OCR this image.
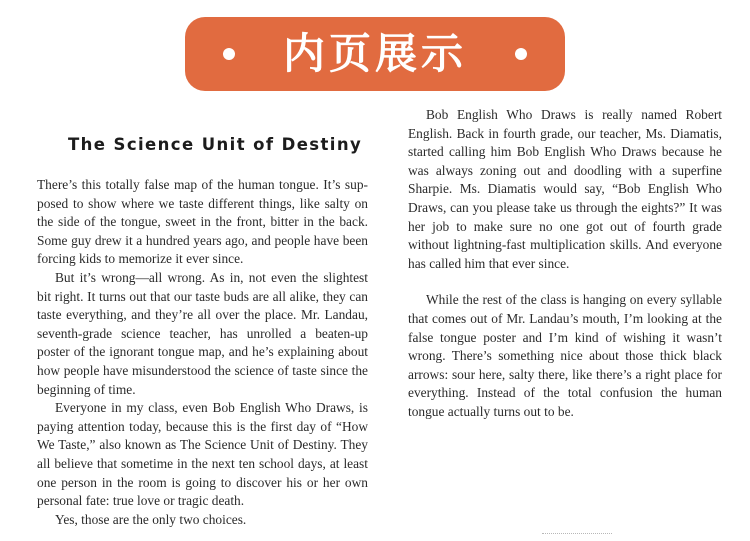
内页展示
The Science Unit of Destiny

There’s this totally false map of the human tongue. It’s supposed to show where we taste different things, like salty on the side of the tongue, sweet in the front, bitter in the back. Some guy drew it a hundred years ago, and people have been forcing kids to memorize it ever since.

But it’s wrong—all wrong. As in, not even the slightest bit right. It turns out that our taste buds are all alike, they can taste everything, and they’re all over the place. Mr. Landau, seventh-grade science teacher, has unrolled a beaten-up poster of the ignorant tongue map, and he’s explaining about how people have misunderstood the science of taste since the beginning of time.

Everyone in my class, even Bob English Who Draws, is paying attention today, because this is the first day of “How We Taste,” also known as The Science Unit of Destiny. They all believe that sometime in the next ten school days, at least one person in the room is going to discover his or her own personal fate: true love or tragic death.

Yes, those are the only two choices.

Bob English Who Draws is really named Robert English. Back in fourth grade, our teacher, Ms. Diamatis, started calling him Bob English Who Draws because he was always zoning out and doodling with a superfine Sharpie. Ms. Diamatis would say, “Bob English Who Draws, can you please take us through the eights?” It was her job to make sure no one got out of fourth grade without lightning-fast multiplication skills. And everyone has called him that ever since.

While the rest of the class is hanging on every syllable that comes out of Mr. Landau’s mouth, I’m looking at the false tongue poster and I’m kind of wishing it wasn’t wrong. There’s something nice about those thick black arrows: sour here, salty there, like there’s a right place for everything. Instead of the total confusion the human tongue actually turns out to be.
